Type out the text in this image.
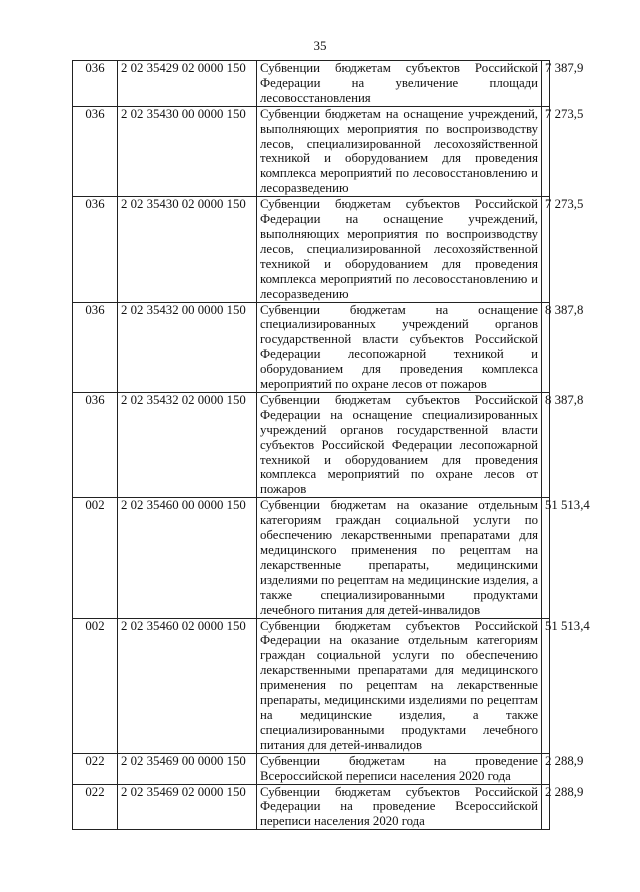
35
036	2 02 35429 02 0000 150	Субвенции бюджетам субъектов Российской Федерации на увеличение площади лесовосстановления	7 387,9
036	2 02 35430 00 0000 150	Субвенции бюджетам на оснащение учреждений, выполняющих мероприятия по воспроизводству лесов, специализированной лесохозяйственной техникой и оборудованием для проведения комплекса мероприятий по лесовосстановлению и лесоразведению	7 273,5
036	2 02 35430 02 0000 150	Субвенции бюджетам субъектов Российской Федерации на оснащение учреждений, выполняющих мероприятия по воспроизводству лесов, специализированной лесохозяйственной техникой и оборудованием для проведения комплекса мероприятий по лесовосстановлению и лесоразведению	7 273,5
036	2 02 35432 00 0000 150	Субвенции бюджетам на оснащение специализированных учреждений органов государственной власти субъектов Российской Федерации лесопожарной техникой и оборудованием для проведения комплекса мероприятий по охране лесов от пожаров	8 387,8
036	2 02 35432 02 0000 150	Субвенции бюджетам субъектов Российской Федерации на оснащение специализированных учреждений органов государственной власти субъектов Российской Федерации лесопожарной техникой и оборудованием для проведения комплекса мероприятий по охране лесов от пожаров	8 387,8
002	2 02 35460 00 0000 150	Субвенции бюджетам на оказание отдельным категориям граждан социальной услуги по обеспечению лекарственными препаратами для медицинского применения по рецептам на лекарственные препараты, медицинскими изделиями по рецептам на медицинские изделия, а также специализированными продуктами лечебного питания для детей-инвалидов	51 513,4
002	2 02 35460 02 0000 150	Субвенции бюджетам субъектов Российской Федерации на оказание отдельным категориям граждан социальной услуги по обеспечению лекарственными препаратами для медицинского применения по рецептам на лекарственные препараты, медицинскими изделиями по рецептам на медицинские изделия, а также специализированными продуктами лечебного питания для детей-инвалидов	51 513,4
022	2 02 35469 00 0000 150	Субвенции бюджетам на проведение Всероссийской переписи населения 2020 года	2 288,9
022	2 02 35469 02 0000 150	Субвенции бюджетам субъектов Российской Федерации на проведение Всероссийской переписи населения 2020 года	2 288,9
